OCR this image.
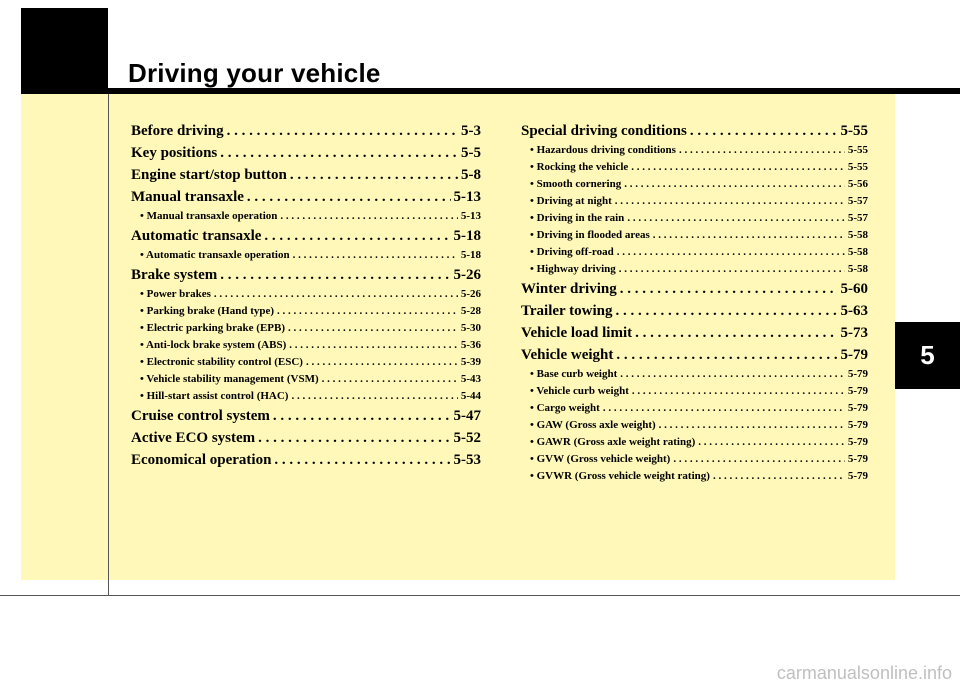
Driving your vehicle
Before driving . . .	5-3
Key positions . . .	5-5
Engine start/stop button . . .	5-8
Manual transaxle . . .	5-13
• Manual transaxle operation . . .	5-13
Automatic transaxle . . .	5-18
• Automatic transaxle operation . . .	5-18
Brake system . . .	5-26
• Power brakes . . .	5-26
• Parking brake (Hand type) . . .	5-28
• Electric parking brake (EPB) . . .	5-30
• Anti-lock brake system (ABS) . . .	5-36
• Electronic stability control (ESC) . . .	5-39
• Vehicle stability management (VSM) . . .	5-43
• Hill-start assist control (HAC) . . .	5-44
Cruise control system . . .	5-47
Active ECO system . . .	5-52
Economical operation . . .	5-53
Special driving conditions . . .	5-55
• Hazardous driving conditions . . .	5-55
• Rocking the vehicle . . .	5-55
• Smooth cornering . . .	5-56
• Driving at night . . .	5-57
• Driving in the rain . . .	5-57
• Driving in flooded areas . . .	5-58
• Driving off-road . . .	5-58
• Highway driving . . .	5-58
Winter driving . . .	5-60
Trailer towing . . .	5-63
Vehicle load limit . . .	5-73
Vehicle weight . . .	5-79
• Base curb weight . . .	5-79
• Vehicle curb weight . . .	5-79
• Cargo weight . . .	5-79
• GAW (Gross axle weight) . . .	5-79
• GAWR (Gross axle weight rating) . . .	5-79
• GVW (Gross vehicle weight) . . .	5-79
• GVWR (Gross vehicle weight rating) . . .	5-79
5
carmanualsonline.info
